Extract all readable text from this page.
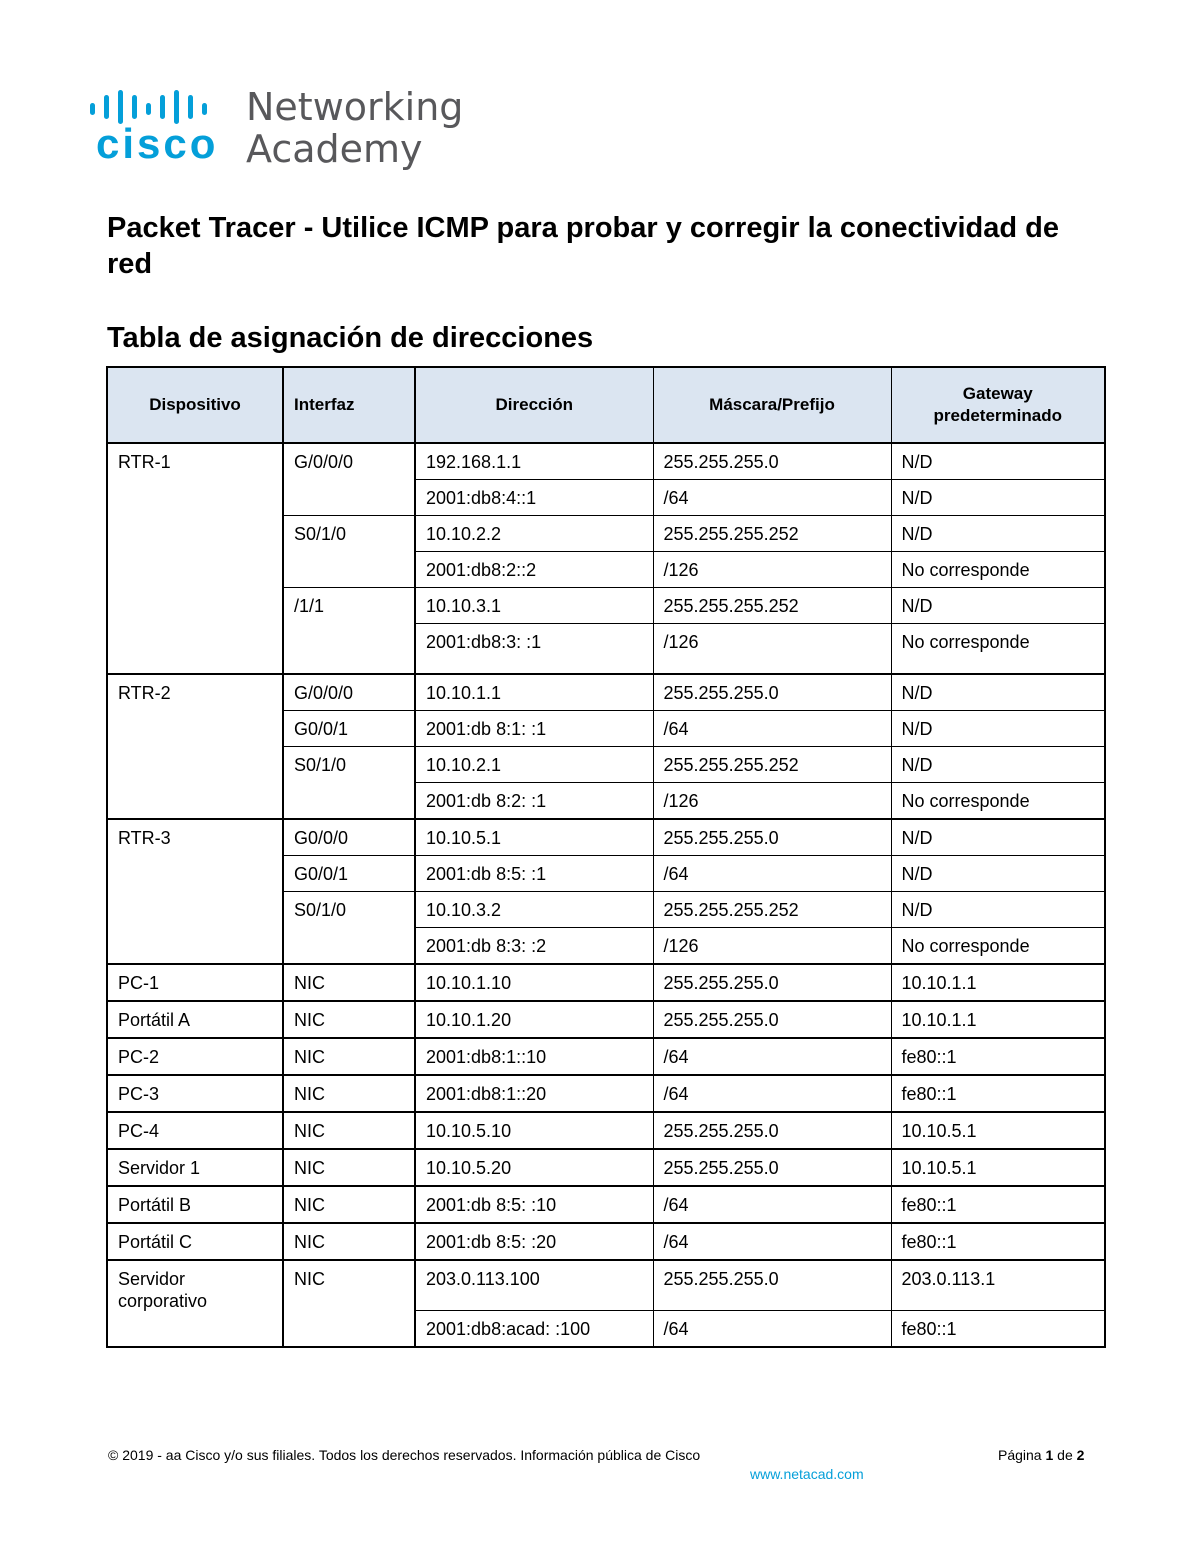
cisco
Networking
Academy
Packet Tracer - Utilice ICMP para probar y corregir la conectividad de red
Tabla de asignación de direcciones
Dispositivo	Interfaz	Dirección	Máscara/Prefijo	Gateway predeterminado
RTR-1	G/0/0/0	192.168.1.1	255.255.255.0	N/D
		2001:db8:4::1	/64	N/D
	S0/1/0	10.10.2.2	255.255.255.252	N/D
		2001:db8:2::2	/126	No corresponde
	/1/1	10.10.3.1	255.255.255.252	N/D
		2001:db8:3: :1	/126	No corresponde
RTR-2	G/0/0/0	10.10.1.1	255.255.255.0	N/D
	G0/0/1	2001:db 8:1: :1	/64	N/D
	S0/1/0	10.10.2.1	255.255.255.252	N/D
		2001:db 8:2: :1	/126	No corresponde
RTR-3	G0/0/0	10.10.5.1	255.255.255.0	N/D
	G0/0/1	2001:db 8:5: :1	/64	N/D
	S0/1/0	10.10.3.2	255.255.255.252	N/D
		2001:db 8:3: :2	/126	No corresponde
PC-1	NIC	10.10.1.10	255.255.255.0	10.10.1.1
Portátil A	NIC	10.10.1.20	255.255.255.0	10.10.1.1
PC-2	NIC	2001:db8:1::10	/64	fe80::1
PC-3	NIC	2001:db8:1::20	/64	fe80::1
PC-4	NIC	10.10.5.10	255.255.255.0	10.10.5.1
Servidor 1	NIC	10.10.5.20	255.255.255.0	10.10.5.1
Portátil B	NIC	2001:db 8:5: :10	/64	fe80::1
Portátil C	NIC	2001:db 8:5: :20	/64	fe80::1
Servidor corporativo	NIC	203.0.113.100	255.255.255.0	203.0.113.1
		2001:db8:acad: :100	/64	fe80::1
© 2019 - aa Cisco y/o sus filiales. Todos los derechos reservados. Información pública de Cisco	Página 1 de 2
www.netacad.com
